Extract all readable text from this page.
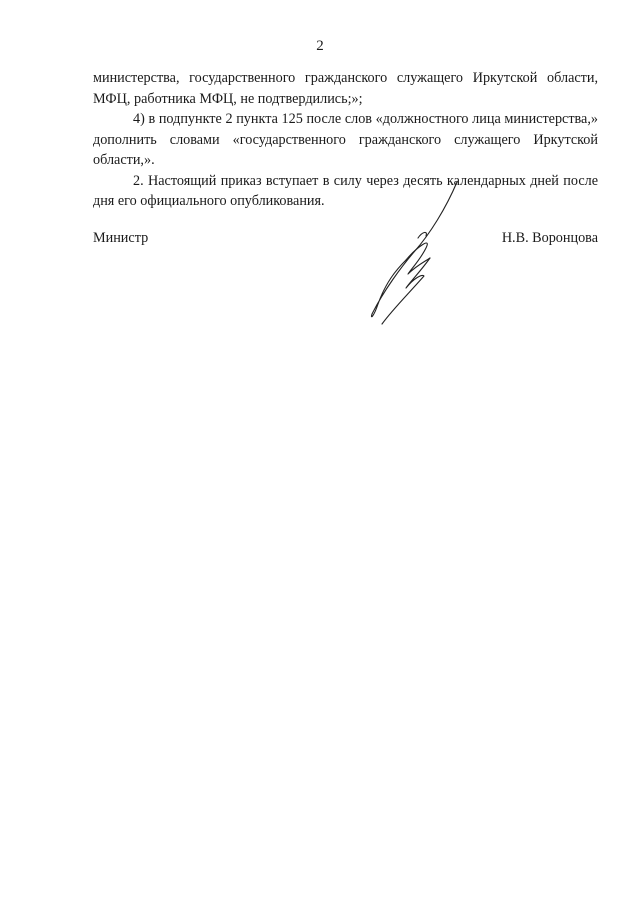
2

министерства, государственного гражданского служащего Иркутской области, МФЦ, работника МФЦ, не подтвердились;»;

4) в подпункте 2 пункта 125 после слов «должностного лица министерства,» дополнить словами «государственного гражданского служащего Иркутской области,».

2. Настоящий приказ вступает в силу через десять календарных дней после дня его официального опубликования.

Министр	Н.В. Воронцова
